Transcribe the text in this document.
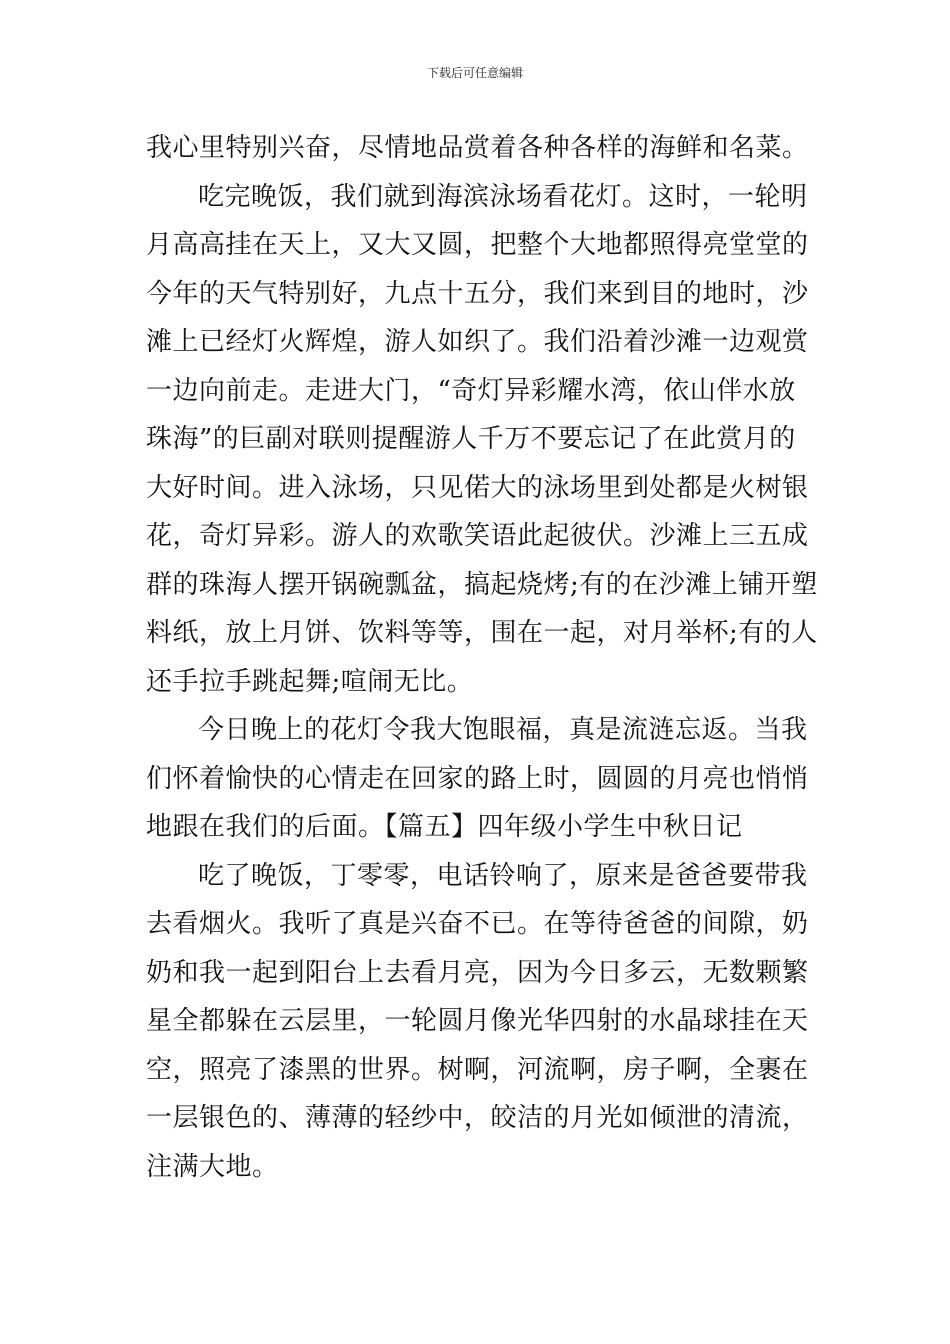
下载后可任意编辑
我心里特别兴奋，尽情地品赏着各种各样的海鲜和名菜。
吃完晚饭，我们就到海滨泳场看花灯。这时，一轮明
月高高挂在天上，又大又圆，把整个大地都照得亮堂堂的
今年的天气特别好，九点十五分，我们来到目的地时，沙
滩上已经灯火辉煌，游人如织了。我们沿着沙滩一边观赏
一边向前走。走进大门，“奇灯异彩耀水湾，依山伴水放
珠海”的巨副对联则提醒游人千万不要忘记了在此赏月的
大好时间。进入泳场，只见偌大的泳场里到处都是火树银
花，奇灯异彩。游人的欢歌笑语此起彼伏。沙滩上三五成
群的珠海人摆开锅碗瓢盆，搞起烧烤;有的在沙滩上铺开塑
料纸，放上月饼、饮料等等，围在一起，对月举杯;有的人
还手拉手跳起舞;喧闹无比。
今日晚上的花灯令我大饱眼福，真是流涟忘返。当我
们怀着愉快的心情走在回家的路上时，圆圆的月亮也悄悄
地跟在我们的后面。【篇五】四年级小学生中秋日记
吃了晚饭，丁零零，电话铃响了，原来是爸爸要带我
去看烟火。我听了真是兴奋不已。在等待爸爸的间隙，奶
奶和我一起到阳台上去看月亮，因为今日多云，无数颗繁
星全都躲在云层里，一轮圆月像光华四射的水晶球挂在天
空，照亮了漆黑的世界。树啊，河流啊，房子啊，全裹在
一层银色的、薄薄的轻纱中，皎洁的月光如倾泄的清流，
注满大地。
